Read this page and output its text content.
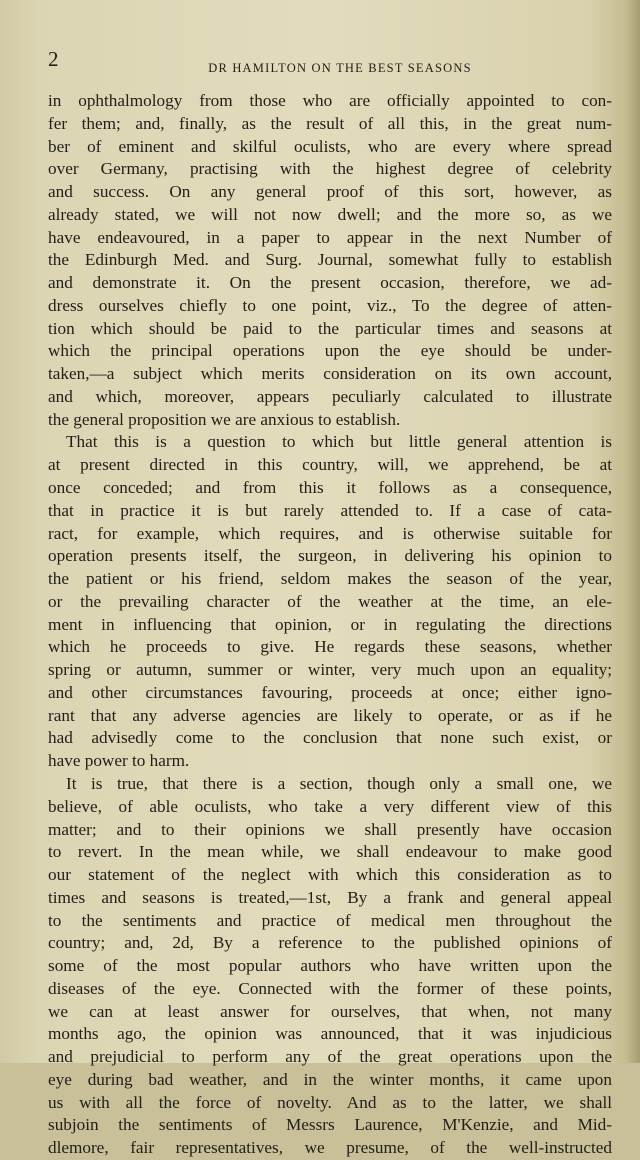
2	DR HAMILTON ON THE BEST SEASONS
in ophthalmology from those who are officially appointed to con-
fer them; and, finally, as the result of all this, in the great num-
ber of eminent and skilful oculists, who are every where spread
over Germany, practising with the highest degree of celebrity
and success. On any general proof of this sort, however, as
already stated, we will not now dwell; and the more so, as we
have endeavoured, in a paper to appear in the next Number of
the Edinburgh Med. and Surg. Journal, somewhat fully to establish
and demonstrate it. On the present occasion, therefore, we ad-
dress ourselves chiefly to one point, viz., To the degree of atten-
tion which should be paid to the particular times and seasons at
which the principal operations upon the eye should be under-
taken,—a subject which merits consideration on its own account,
and which, moreover, appears peculiarly calculated to illustrate
the general proposition we are anxious to establish.
That this is a question to which but little general attention is
at present directed in this country, will, we apprehend, be at
once conceded; and from this it follows as a consequence,
that in practice it is but rarely attended to. If a case of cata-
ract, for example, which requires, and is otherwise suitable for
operation presents itself, the surgeon, in delivering his opinion to
the patient or his friend, seldom makes the season of the year,
or the prevailing character of the weather at the time, an ele-
ment in influencing that opinion, or in regulating the directions
which he proceeds to give. He regards these seasons, whether
spring or autumn, summer or winter, very much upon an equality;
and other circumstances favouring, proceeds at once; either igno-
rant that any adverse agencies are likely to operate, or as if he
had advisedly come to the conclusion that none such exist, or
have power to harm.
It is true, that there is a section, though only a small one, we
believe, of able oculists, who take a very different view of this
matter; and to their opinions we shall presently have occasion
to revert. In the mean while, we shall endeavour to make good
our statement of the neglect with which this consideration as to
times and seasons is treated,—1st, By a frank and general appeal
to the sentiments and practice of medical men throughout the
country; and, 2d, By a reference to the published opinions of
some of the most popular authors who have written upon the
diseases of the eye. Connected with the former of these points,
we can at least answer for ourselves, that when, not many
months ago, the opinion was announced, that it was injudicious
and prejudicial to perform any of the great operations upon the
eye during bad weather, and in the winter months, it came upon
us with all the force of novelty. And as to the latter, we shall
subjoin the sentiments of Messrs Laurence, M'Kenzie, and Mid-
dlemore, fair representatives, we presume, of the well-instructed
